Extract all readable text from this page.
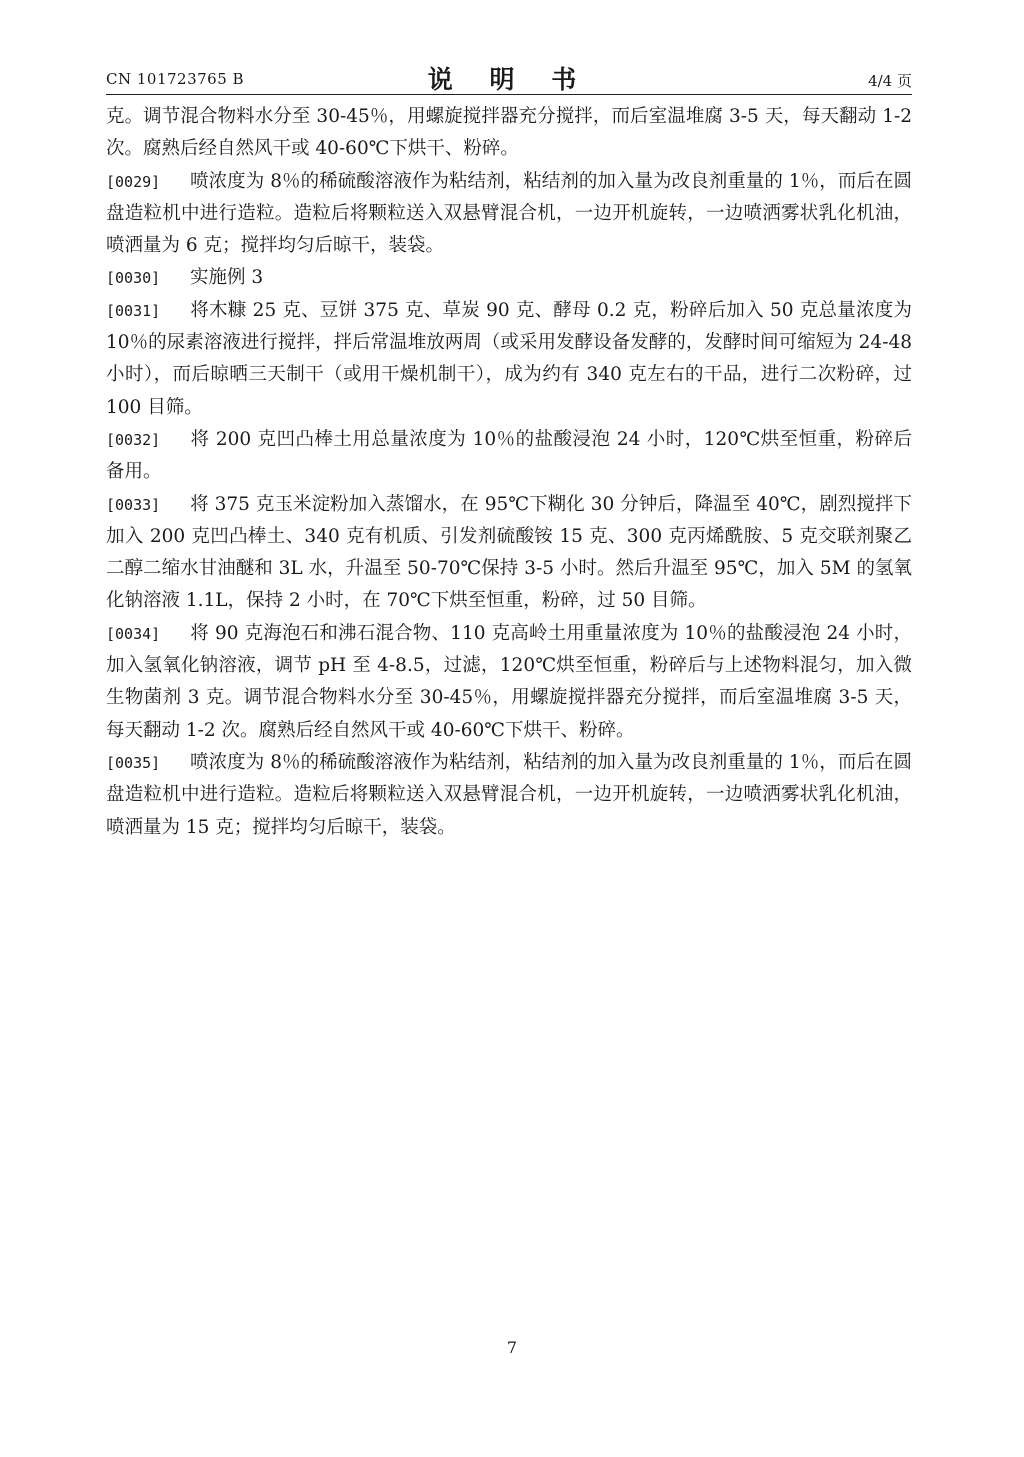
CN 101723765 B	说 明 书	4/4 页

克。调节混合物料水分至 30-45％，用螺旋搅拌器充分搅拌，而后室温堆腐 3-5 天，每天翻动 1-2 次。腐熟后经自然风干或 40-60℃下烘干、粉碎。

[0029] 喷浓度为 8％的稀硫酸溶液作为粘结剂，粘结剂的加入量为改良剂重量的 1％，而后在圆盘造粒机中进行造粒。造粒后将颗粒送入双悬臂混合机，一边开机旋转，一边喷洒雾状乳化机油，喷洒量为 6 克；搅拌均匀后晾干，装袋。

[0030] 实施例 3

[0031] 将木糠 25 克、豆饼 375 克、草炭 90 克、酵母 0.2 克，粉碎后加入 50 克总量浓度为 10％的尿素溶液进行搅拌，拌后常温堆放两周（或采用发酵设备发酵的，发酵时间可缩短为 24-48 小时），而后晾晒三天制干（或用干燥机制干），成为约有 340 克左右的干品，进行二次粉碎，过 100 目筛。

[0032] 将 200 克凹凸棒土用总量浓度为 10％的盐酸浸泡 24 小时，120℃烘至恒重，粉碎后备用。

[0033] 将 375 克玉米淀粉加入蒸馏水，在 95℃下糊化 30 分钟后，降温至 40℃，剧烈搅拌下加入 200 克凹凸棒土、340 克有机质、引发剂硫酸铵 15 克、300 克丙烯酰胺、5 克交联剂聚乙二醇二缩水甘油醚和 3L 水，升温至 50-70℃保持 3-5 小时。然后升温至 95℃，加入 5M 的氢氧化钠溶液 1.1L，保持 2 小时，在 70℃下烘至恒重，粉碎，过 50 目筛。

[0034] 将 90 克海泡石和沸石混合物、110 克高岭土用重量浓度为 10％的盐酸浸泡 24 小时，加入氢氧化钠溶液，调节 pH 至 4-8.5，过滤，120℃烘至恒重，粉碎后与上述物料混匀，加入微生物菌剂 3 克。调节混合物料水分至 30-45％，用螺旋搅拌器充分搅拌，而后室温堆腐 3-5 天，每天翻动 1-2 次。腐熟后经自然风干或 40-60℃下烘干、粉碎。

[0035] 喷浓度为 8％的稀硫酸溶液作为粘结剂，粘结剂的加入量为改良剂重量的 1％，而后在圆盘造粒机中进行造粒。造粒后将颗粒送入双悬臂混合机，一边开机旋转，一边喷洒雾状乳化机油，喷洒量为 15 克；搅拌均匀后晾干，装袋。

7
